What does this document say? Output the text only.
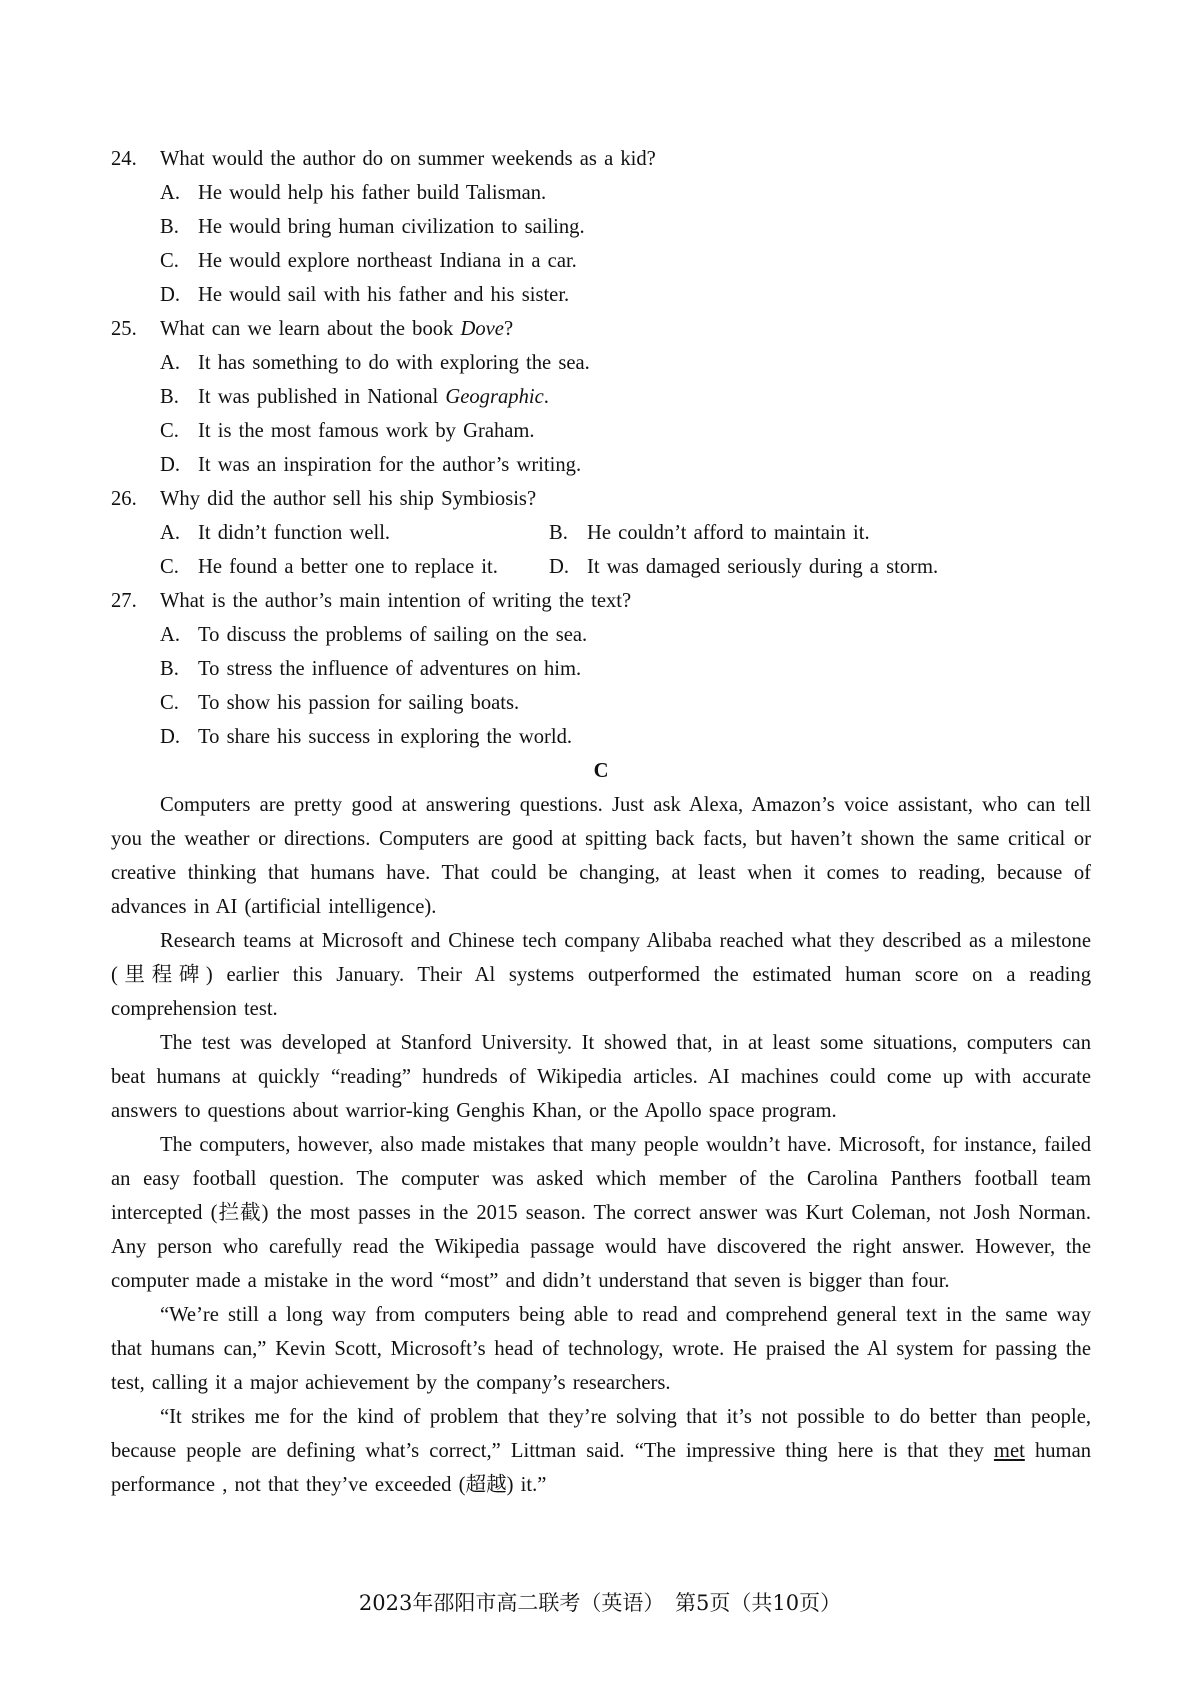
24. What would the author do on summer weekends as a kid?
A. He would help his father build Talisman.
B. He would bring human civilization to sailing.
C. He would explore northeast Indiana in a car.
D. He would sail with his father and his sister.
25. What can we learn about the book Dove?
A. It has something to do with exploring the sea.
B. It was published in National Geographic.
C. It is the most famous work by Graham.
D. It was an inspiration for the author’s writing.
26. Why did the author sell his ship Symbiosis?
A. It didn’t function well.	B. He couldn’t afford to maintain it.
C. He found a better one to replace it. D. It was damaged seriously during a storm.
27. What is the author’s main intention of writing the text?
A. To discuss the problems of sailing on the sea.
B. To stress the influence of adventures on him.
C. To show his passion for sailing boats.
D. To share his success in exploring the world.
C
Computers are pretty good at answering questions. Just ask Alexa, Amazon’s voice assistant, who can tell you the weather or directions. Computers are good at spitting back facts, but haven’t shown the same critical or creative thinking that humans have. That could be changing, at least when it comes to reading, because of advances in AI (artificial intelligence).
Research teams at Microsoft and Chinese tech company Alibaba reached what they described as a milestone (里程碑) earlier this January. Their Al systems outperformed the estimated human score on a reading comprehension test.
The test was developed at Stanford University. It showed that, in at least some situations, computers can beat humans at quickly “reading” hundreds of Wikipedia articles. AI machines could come up with accurate answers to questions about warrior-king Genghis Khan, or the Apollo space program.
The computers, however, also made mistakes that many people wouldn’t have. Microsoft, for instance, failed an easy football question. The computer was asked which member of the Carolina Panthers football team intercepted (拦截) the most passes in the 2015 season. The correct answer was Kurt Coleman, not Josh Norman. Any person who carefully read the Wikipedia passage would have discovered the right answer. However, the computer made a mistake in the word “most” and didn’t understand that seven is bigger than four.
“We’re still a long way from computers being able to read and comprehend general text in the same way that humans can,” Kevin Scott, Microsoft’s head of technology, wrote. He praised the Al system for passing the test, calling it a major achievement by the company’s researchers.
“It strikes me for the kind of problem that they’re solving that it’s not possible to do better than people, because people are defining what’s correct,” Littman said. “The impressive thing here is that they met human performance , not that they’ve exceeded (超越) it.”
2023年邵阳市高二联考（英语） 第5页（共10页）
